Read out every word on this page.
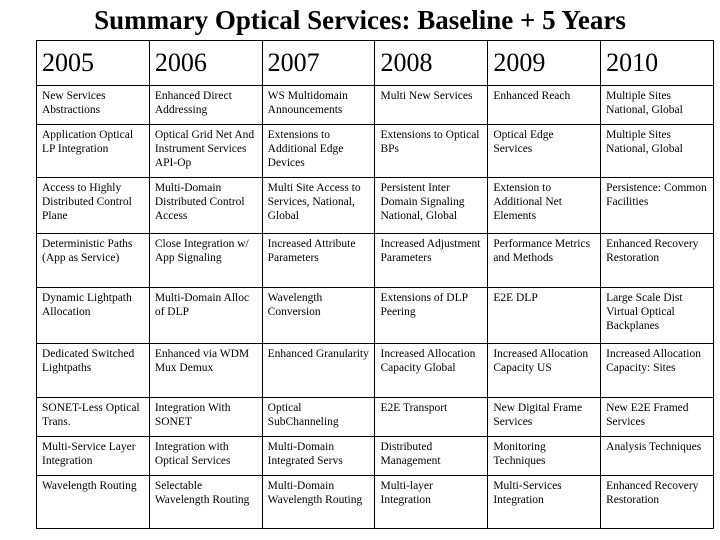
Summary Optical Services: Baseline + 5 Years
2005	2006	2007	2008	2009	2010
New Services Abstractions	Enhanced Direct Addressing	WS Multidomain Announcements	Multi New Services	Enhanced Reach	Multiple Sites National, Global
Application Optical LP Integration	Optical Grid Net And Instrument Services API-Op	Extensions to Additional Edge Devices	Extensions to Optical BPs	Optical Edge Services	Multiple Sites National, Global
Access to Highly Distributed Control Plane	Multi-Domain Distributed Control Access	Multi Site Access to Services, National, Global	Persistent Inter Domain Signaling National, Global	Extension to Additional Net Elements	Persistence: Common Facilities
Deterministic Paths (App as Service)	Close Integration w/ App Signaling	Increased Attribute Parameters	Increased Adjustment Parameters	Performance Metrics and Methods	Enhanced Recovery Restoration
Dynamic Lightpath Allocation	Multi-Domain Alloc of DLP	Wavelength Conversion	Extensions of DLP Peering	E2E DLP	Large Scale Dist Virtual Optical Backplanes
Dedicated Switched Lightpaths	Enhanced via WDM Mux Demux	Enhanced Granularity	Increased Allocation Capacity Global	Increased Allocation Capacity US	Increased Allocation Capacity: Sites
SONET-Less Optical Trans.	Integration With SONET	Optical SubChanneling	E2E Transport	New Digital Frame Services	New E2E Framed Services
Multi-Service Layer Integration	Integration with Optical Services	Multi-Domain Integrated Servs	Distributed Management	Monitoring Techniques	Analysis Techniques
Wavelength Routing	Selectable Wavelength Routing	Multi-Domain Wavelength Routing	Multi-layer Integration	Multi-Services Integration	Enhanced Recovery Restoration
